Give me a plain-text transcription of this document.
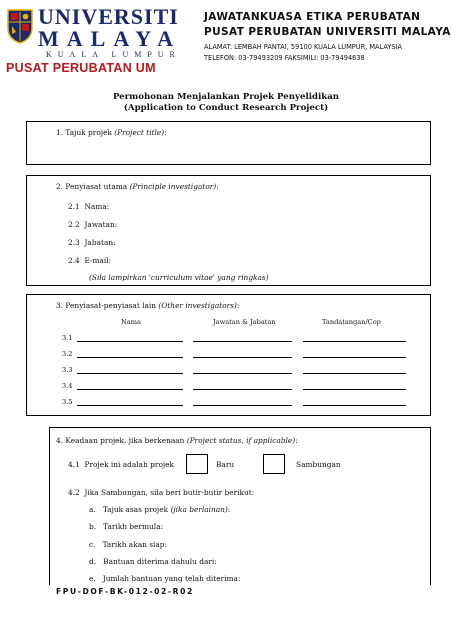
UNIVERSITI
MALAYA
KUALA LUMPUR
PUSAT PERUBATAN UM
JAWATANKUASA ETIKA PERUBATAN
PUSAT PERUBATAN UNIVERSITI MALAYA
ALAMAT: LEMBAH PANTAI, 59100 KUALA LUMPUR, MALAYSIA
TELEFON: 03-79493209 FAKSIMILI: 03-79494638
Permohonan Menjalankan Projek Penyelidikan
(Application to Conduct Research Project)
1. Tajuk projek (Project title):
2. Penyiasat utama (Principle investigator):
2.1 Nama:
2.2 Jawatan:
2.3 Jabatan:
2.4 E-mail:
(Sila lampirkan 'curriculum vitae' yang ringkas)
3. Penyiasat-penyiasat lain (Other investigators):
Nama	Jawatan & Jabatan	Tandatangan/Cop
3.1
3.2
3.3
3.4
3.5
4. Keadaan projek, jika berkenaan (Project status, if applicable):
4.1 Projek ini adalah projek	Baru	Sambungan
4.2 Jika Sambungan, sila beri butir-butir berikut:
a. Tajuk asas projek (jika berlainan):
b. Tarikh bermula:
c. Tarikh akan siap:
d. Bantuan diterima dahulu dari:
e. Jumlah bantuan yang telah diterima:
FPU-DOF-BK-012-02-R02
